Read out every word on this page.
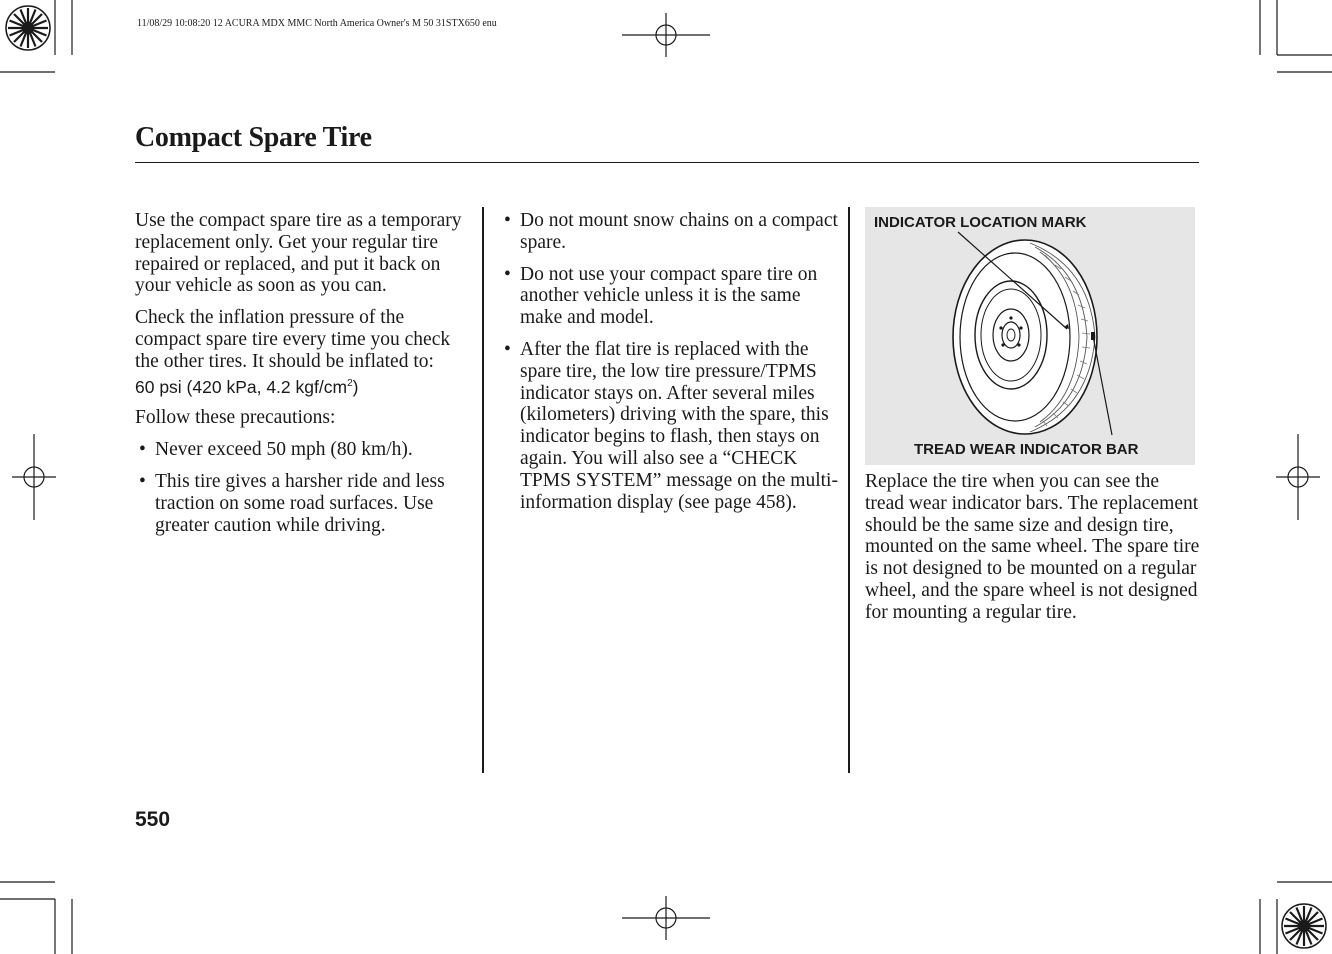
11/08/29 10:08:20 12 ACURA MDX MMC North America Owner's M 50 31STX650 enu
Compact Spare Tire

Use the compact spare tire as a temporary replacement only. Get your regular tire repaired or replaced, and put it back on your vehicle as soon as you can.

Check the inflation pressure of the compact spare tire every time you check the other tires. It should be inflated to:
60 psi (420 kPa, 4.2 kgf/$cm^2$)

Follow these precautions:

• Never exceed 50 mph (80 km/h).
• This tire gives a harsher ride and less traction on some road surfaces. Use greater caution while driving.
• Do not mount snow chains on a compact spare.
• Do not use your compact spare tire on another vehicle unless it is the same make and model.
• After the flat tire is replaced with the spare tire, the low tire pressure/TPMS indicator stays on. After several miles (kilometers) driving with the spare, this indicator begins to flash, then stays on again. You will also see a “CHECK TPMS SYSTEM” message on the multi-information display (see page 458).
INDICATOR LOCATION MARK
TREAD WEAR INDICATOR BAR

Replace the tire when you can see the tread wear indicator bars. The replacement should be the same size and design tire, mounted on the same wheel. The spare tire is not designed to be mounted on a regular wheel, and the spare wheel is not designed for mounting a regular tire.

550
